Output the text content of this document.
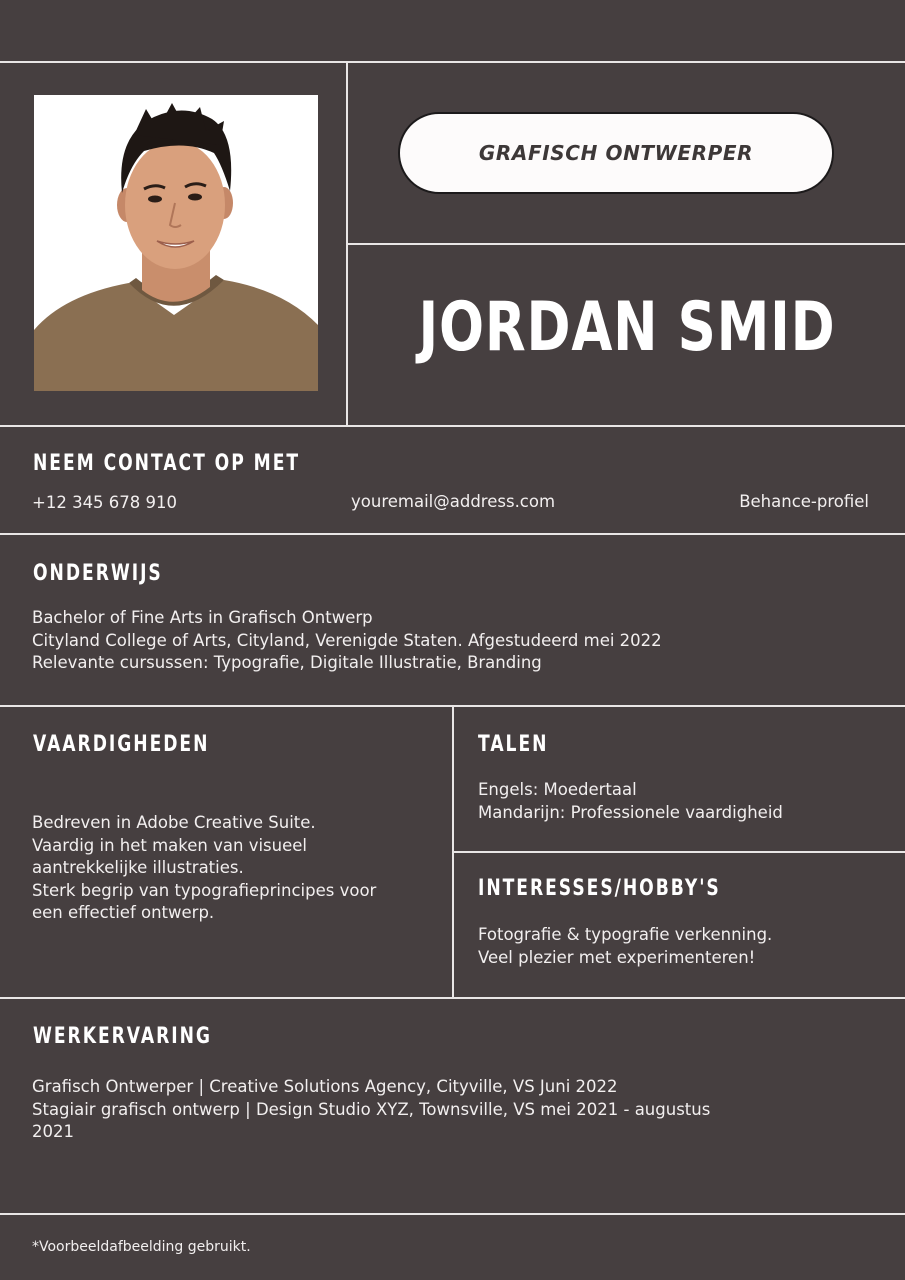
GRAFISCH ONTWERPER
JORDAN SMID
NEEM CONTACT OP MET
+12 345 678 910	youremail@address.com	Behance-profiel
ONDERWIJS
Bachelor of Fine Arts in Grafisch Ontwerp
Cityland College of Arts, Cityland, Verenigde Staten. Afgestudeerd mei 2022
Relevante cursussen: Typografie, Digitale Illustratie, Branding
VAARDIGHEDEN
Bedreven in Adobe Creative Suite.
Vaardig in het maken van visueel
aantrekkelijke illustraties.
Sterk begrip van typografieprincipes voor
een effectief ontwerp.
TALEN
Engels: Moedertaal
Mandarijn: Professionele vaardigheid
INTERESSES/HOBBY'S
Fotografie & typografie verkenning.
Veel plezier met experimenteren!
WERKERVARING
Grafisch Ontwerper | Creative Solutions Agency, Cityville, VS Juni 2022
Stagiair grafisch ontwerp | Design Studio XYZ, Townsville, VS mei 2021 - augustus
2021
*Voorbeeldafbeelding gebruikt.
